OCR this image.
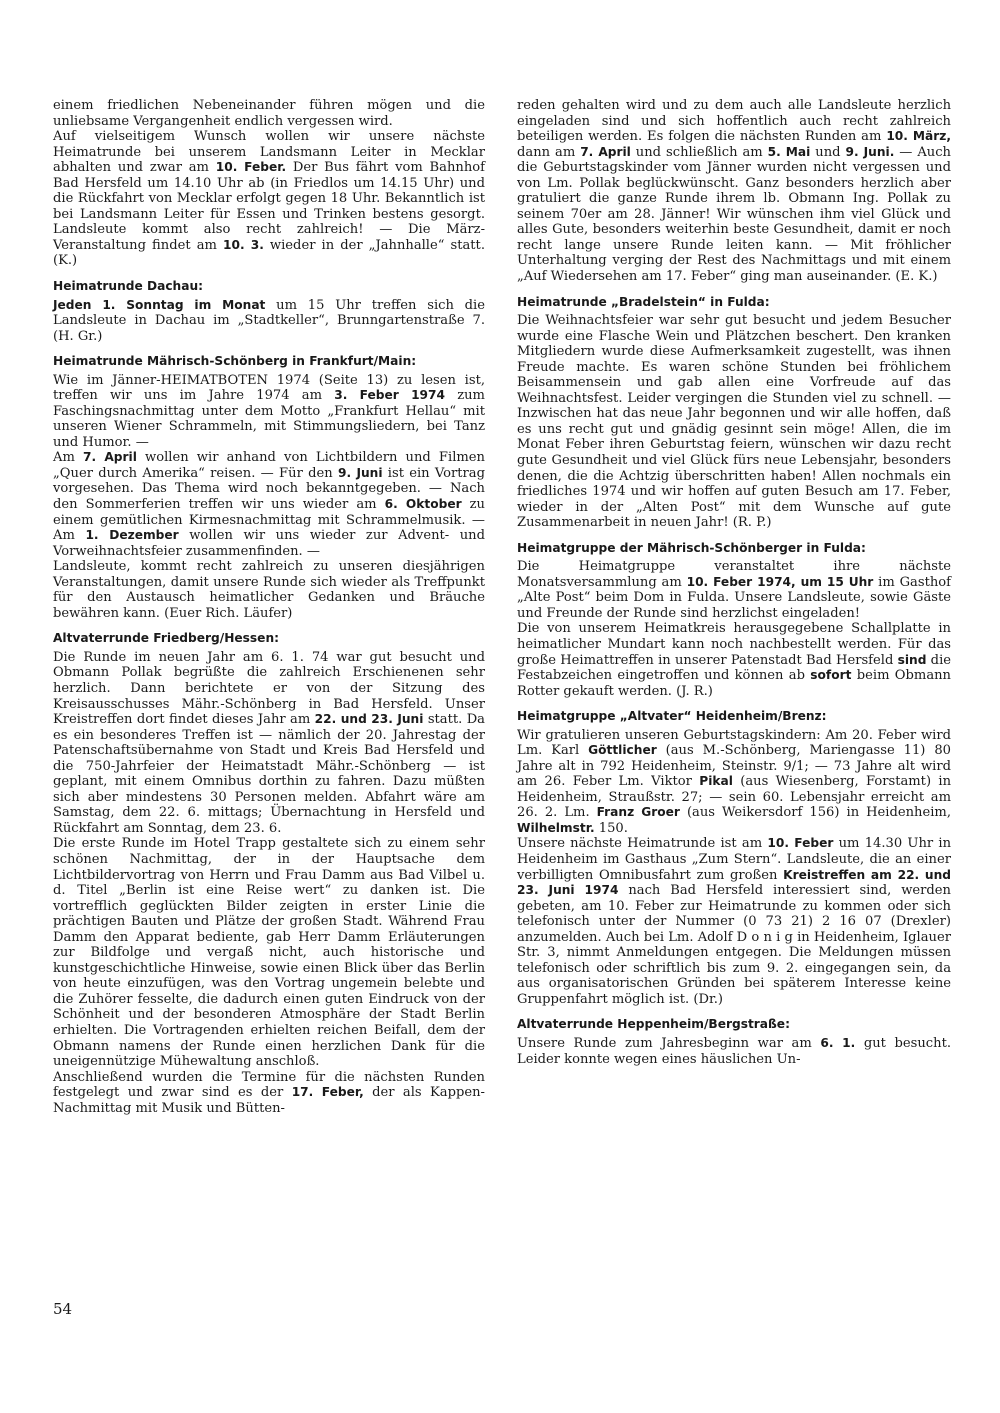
einem friedlichen Nebeneinander führen mögen und die unliebsame Vergangenheit endlich vergessen wird.

Auf vielseitigem Wunsch wollen wir unsere nächste Heimatrunde bei unserem Landsmann Leiter in Mecklar abhalten und zwar am 10. Feber. Der Bus fährt vom Bahnhof Bad Hersfeld um 14.10 Uhr ab (in Friedlos um 14.15 Uhr) und die Rückfahrt von Mecklar erfolgt gegen 18 Uhr. Bekanntlich ist bei Landsmann Leiter für Essen und Trinken bestens gesorgt. Landsleute kommt also recht zahlreich! — Die März-Veranstaltung findet am 10. 3. wieder in der „Jahnhalle“ statt. (K.)

Heimatrunde Dachau:

Jeden 1. Sonntag im Monat um 15 Uhr treffen sich die Landsleute in Dachau im „Stadtkeller“, Brunngartenstraße 7. (H. Gr.)

Heimatrunde Mährisch-Schönberg in Frankfurt/Main:

Wie im Jänner-HEIMATBOTEN 1974 (Seite 13) zu lesen ist, treffen wir uns im Jahre 1974 am 3. Feber 1974 zum Faschingsnachmittag unter dem Motto „Frankfurt Hellau“ mit unseren Wiener Schrammeln, mit Stimmungsliedern, bei Tanz und Humor. —

Am 7. April wollen wir anhand von Lichtbildern und Filmen „Quer durch Amerika“ reisen. — Für den 9. Juni ist ein Vortrag vorgesehen. Das Thema wird noch bekanntgegeben. — Nach den Sommerferien treffen wir uns wieder am 6. Oktober zu einem gemütlichen Kirmesnachmittag mit Schrammelmusik. — Am 1. Dezember wollen wir uns wieder zur Advent- und Vorweihnachtsfeier zusammenfinden. —

Landsleute, kommt recht zahlreich zu unseren diesjährigen Veranstaltungen, damit unsere Runde sich wieder als Treffpunkt für den Austausch heimatlicher Gedanken und Bräuche bewähren kann. (Euer Rich. Läufer)

Altvaterrunde Friedberg/Hessen:

Die Runde im neuen Jahr am 6. 1. 74 war gut besucht und Obmann Pollak begrüßte die zahlreich Erschienenen sehr herzlich. Dann berichtete er von der Sitzung des Kreisausschusses Mähr.-Schönberg in Bad Hersfeld. Unser Kreistreffen dort findet dieses Jahr am 22. und 23. Juni statt. Da es ein besonderes Treffen ist — nämlich der 20. Jahrestag der Patenschaftsübernahme von Stadt und Kreis Bad Hersfeld und die 750-Jahrfeier der Heimatstadt Mähr.-Schönberg — ist geplant, mit einem Omnibus dorthin zu fahren. Dazu müßten sich aber mindestens 30 Personen melden. Abfahrt wäre am Samstag, dem 22. 6. mittags; Übernachtung in Hersfeld und Rückfahrt am Sonntag, dem 23. 6.

Die erste Runde im Hotel Trapp gestaltete sich zu einem sehr schönen Nachmittag, der in der Hauptsache dem Lichtbildervortrag von Herrn und Frau Damm aus Bad Vilbel u. d. Titel „Berlin ist eine Reise wert“ zu danken ist. Die vortrefflich geglückten Bilder zeigten in erster Linie die prächtigen Bauten und Plätze der großen Stadt. Während Frau Damm den Apparat bediente, gab Herr Damm Erläuterungen zur Bildfolge und vergaß nicht, auch historische und kunstgeschichtliche Hinweise, sowie einen Blick über das Berlin von heute einzufügen, was den Vortrag ungemein belebte und die Zuhörer fesselte, die dadurch einen guten Eindruck von der Schönheit und der besonderen Atmosphäre der Stadt Berlin erhielten. Die Vortragenden erhielten reichen Beifall, dem der Obmann namens der Runde einen herzlichen Dank für die uneigennützige Mühewaltung anschloß.

Anschließend wurden die Termine für die nächsten Runden festgelegt und zwar sind es der 17. Feber, der als Kappen-Nachmittag mit Musik und Bütten-

reden gehalten wird und zu dem auch alle Landsleute herzlich eingeladen sind und sich hoffentlich auch recht zahlreich beteiligen werden. Es folgen die nächsten Runden am 10. März, dann am 7. April und schließlich am 5. Mai und 9. Juni. — Auch die Geburtstagskinder vom Jänner wurden nicht vergessen und von Lm. Pollak beglückwünscht. Ganz besonders herzlich aber gratuliert die ganze Runde ihrem lb. Obmann Ing. Pollak zu seinem 70er am 28. Jänner! Wir wünschen ihm viel Glück und alles Gute, besonders weiterhin beste Gesundheit, damit er noch recht lange unsere Runde leiten kann. — Mit fröhlicher Unterhaltung verging der Rest des Nachmittags und mit einem „Auf Wiedersehen am 17. Feber“ ging man auseinander. (E. K.)

Heimatrunde „Bradelstein“ in Fulda:

Die Weihnachtsfeier war sehr gut besucht und jedem Besucher wurde eine Flasche Wein und Plätzchen beschert. Den kranken Mitgliedern wurde diese Aufmerksamkeit zugestellt, was ihnen Freude machte. Es waren schöne Stunden bei fröhlichem Beisammensein und gab allen eine Vorfreude auf das Weihnachtsfest. Leider vergingen die Stunden viel zu schnell. — Inzwischen hat das neue Jahr begonnen und wir alle hoffen, daß es uns recht gut und gnädig gesinnt sein möge! Allen, die im Monat Feber ihren Geburtstag feiern, wünschen wir dazu recht gute Gesundheit und viel Glück fürs neue Lebensjahr, besonders denen, die die Achtzig überschritten haben! Allen nochmals ein friedliches 1974 und wir hoffen auf guten Besuch am 17. Feber, wieder in der „Alten Post“ mit dem Wunsche auf gute Zusammenarbeit in neuen Jahr! (R. P.)

Heimatgruppe der Mährisch-Schönberger in Fulda:

Die Heimatgruppe veranstaltet ihre nächste Monatsversammlung am 10. Feber 1974, um 15 Uhr im Gasthof „Alte Post“ beim Dom in Fulda. Unsere Landsleute, sowie Gäste und Freunde der Runde sind herzlichst eingeladen!

Die von unserem Heimatkreis herausgegebene Schallplatte in heimatlicher Mundart kann noch nachbestellt werden. Für das große Heimattreffen in unserer Patenstadt Bad Hersfeld sind die Festabzeichen eingetroffen und können ab sofort beim Obmann Rotter gekauft werden. (J. R.)

Heimatgruppe „Altvater“ Heidenheim/Brenz:

Wir gratulieren unseren Geburtstagskindern: Am 20. Feber wird Lm. Karl Göttlicher (aus M.-Schönberg, Mariengasse 11) 80 Jahre alt in 792 Heidenheim, Steinstr. 9/1; — 73 Jahre alt wird am 26. Feber Lm. Viktor Pikal (aus Wiesenberg, Forstamt) in Heidenheim, Straußstr. 27; — sein 60. Lebensjahr erreicht am 26. 2. Lm. Franz Groer (aus Weikersdorf 156) in Heidenheim, Wilhelmstr. 150.

Unsere nächste Heimatrunde ist am 10. Feber um 14.30 Uhr in Heidenheim im Gasthaus „Zum Stern“. Landsleute, die an einer verbilligten Omnibusfahrt zum großen Kreistreffen am 22. und 23. Juni 1974 nach Bad Hersfeld interessiert sind, werden gebeten, am 10. Feber zur Heimatrunde zu kommen oder sich telefonisch unter der Nummer (0 73 21) 2 16 07 (Drexler) anzumelden. Auch bei Lm. Adolf D o n i g in Heidenheim, Iglauer Str. 3, nimmt Anmeldungen entgegen. Die Meldungen müssen telefonisch oder schriftlich bis zum 9. 2. eingegangen sein, da aus organisatorischen Gründen bei späterem Interesse keine Gruppenfahrt möglich ist. (Dr.)

Altvaterrunde Heppenheim/Bergstraße:

Unsere Runde zum Jahresbeginn war am 6. 1. gut besucht. Leider konnte wegen eines häuslichen Un-

54
